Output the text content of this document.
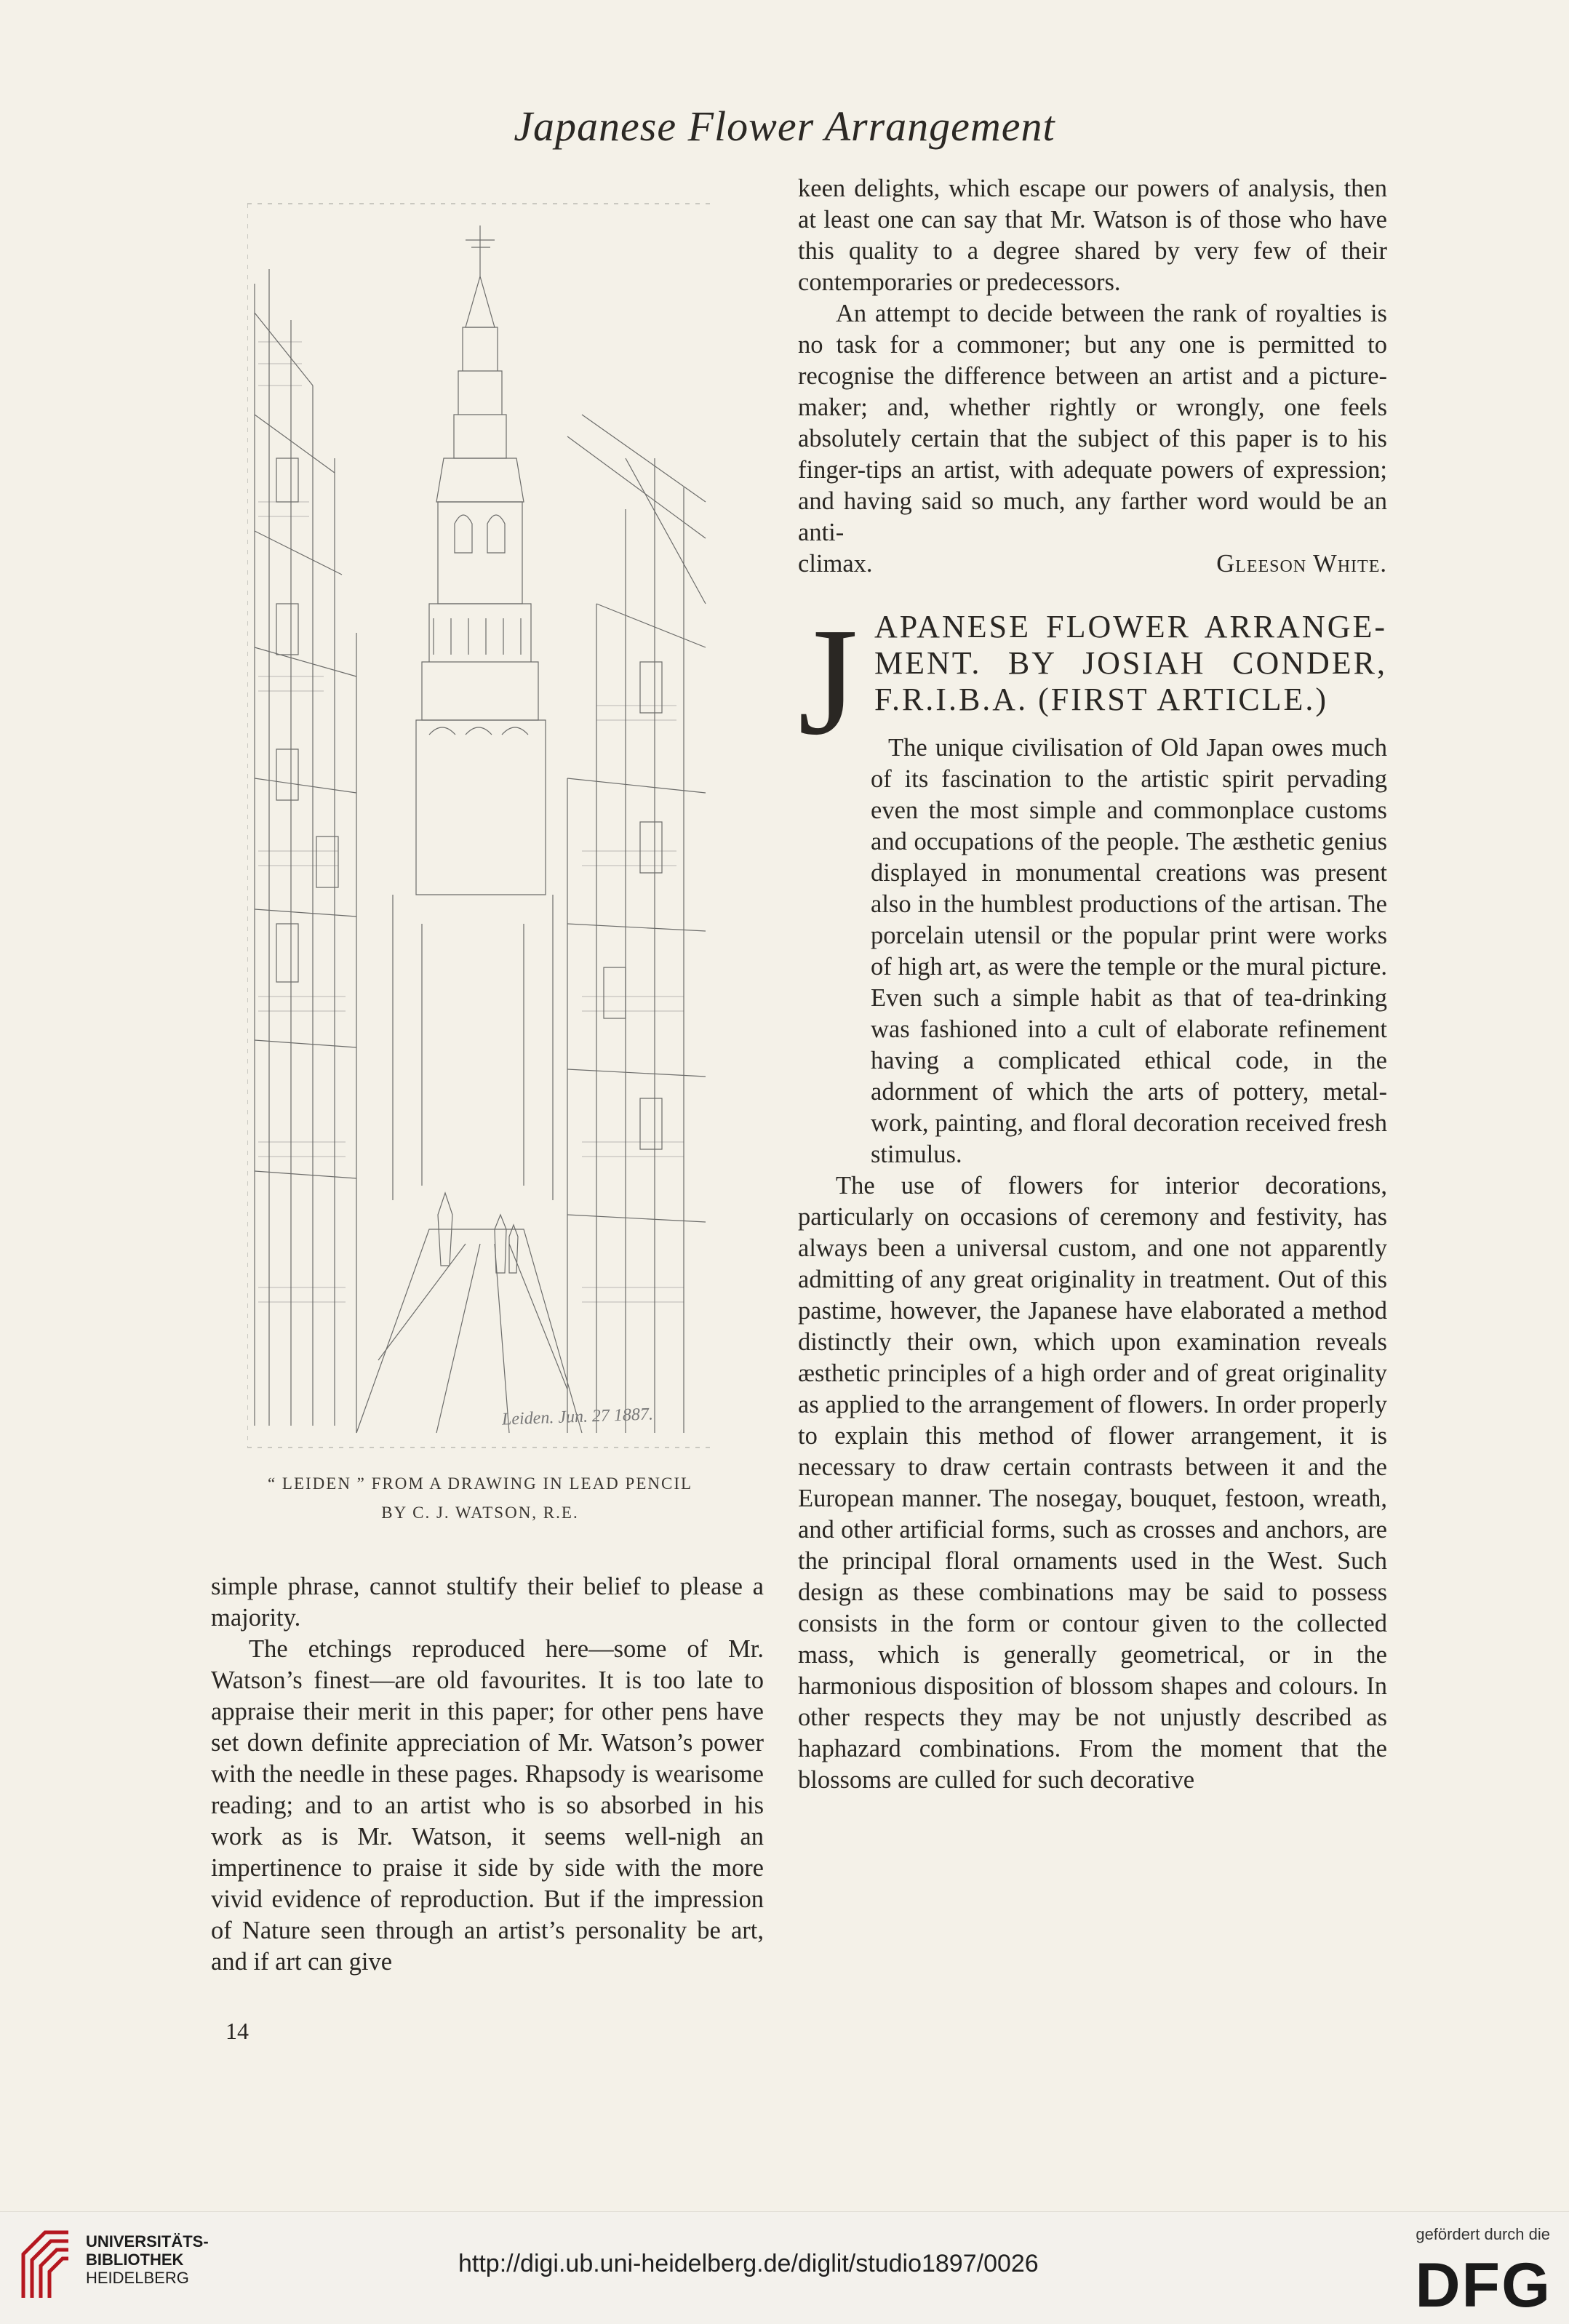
Japanese Flower Arrangement
Leiden. Jun. 27 1887.
“ LEIDEN ” FROM A DRAWING IN LEAD PENCIL
BY C. J. WATSON, R.E.

simple phrase, cannot stultify their belief to please a majority.

The etchings reproduced here—some of Mr. Watson’s finest—are old favourites. It is too late to appraise their merit in this paper; for other pens have set down definite appreciation of Mr. Watson’s power with the needle in these pages. Rhapsody is wearisome reading; and to an artist who is so absorbed in his work as is Mr. Watson, it seems well-nigh an impertinence to praise it side by side with the more vivid evidence of reproduction. But if the impression of Nature seen through an artist’s personality be art, and if art can give

keen delights, which escape our powers of analysis, then at least one can say that Mr. Watson is of those who have this quality to a degree shared by very few of their contemporaries or predecessors.

An attempt to decide between the rank of royalties is no task for a commoner; but any one is permitted to recognise the difference between an artist and a picture-maker; and, whether rightly or wrongly, one feels absolutely certain that the subject of this paper is to his finger-tips an artist, with adequate powers of expression; and having said so much, any farther word would be an anti-

climax.	Gleeson White.
J APANESE FLOWER ARRANGE-
MENT. BY JOSIAH CONDER,
F.R.I.B.A. (FIRST ARTICLE.)

The unique civilisation of Old Japan owes much of its fascination to the artistic spirit pervading even the most simple and commonplace customs and occupations of the people. The æsthetic genius displayed in monumental creations was present also in the humblest productions of the artisan. The porcelain utensil or the popular print were works of high art, as were the temple or the mural picture. Even such a simple habit as that of tea-drinking was fashioned into a cult of elaborate refinement having a complicated ethical code, in the adornment of which the arts of pottery, metal-work, painting, and floral decoration received fresh stimulus.

The use of flowers for interior decorations, particularly on occasions of ceremony and festivity, has always been a universal custom, and one not apparently admitting of any great originality in treatment. Out of this pastime, however, the Japanese have elaborated a method distinctly their own, which upon examination reveals æsthetic principles of a high order and of great originality as applied to the arrangement of flowers. In order properly to explain this method of flower arrangement, it is necessary to draw certain contrasts between it and the European manner. The nosegay, bouquet, festoon, wreath, and other artificial forms, such as crosses and anchors, are the principal floral ornaments used in the West. Such design as these combinations may be said to possess consists in the form or contour given to the collected mass, which is generally geometrical, or in the harmonious disposition of blossom shapes and colours. In other respects they may be not unjustly described as haphazard combinations. From the moment that the blossoms are culled for such decorative

14
UNIVERSITÄTS-
BIBLIOTHEK
HEIDELBERG
http://digi.ub.uni-heidelberg.de/diglit/studio1897/0026
gefördert durch die
DFG
